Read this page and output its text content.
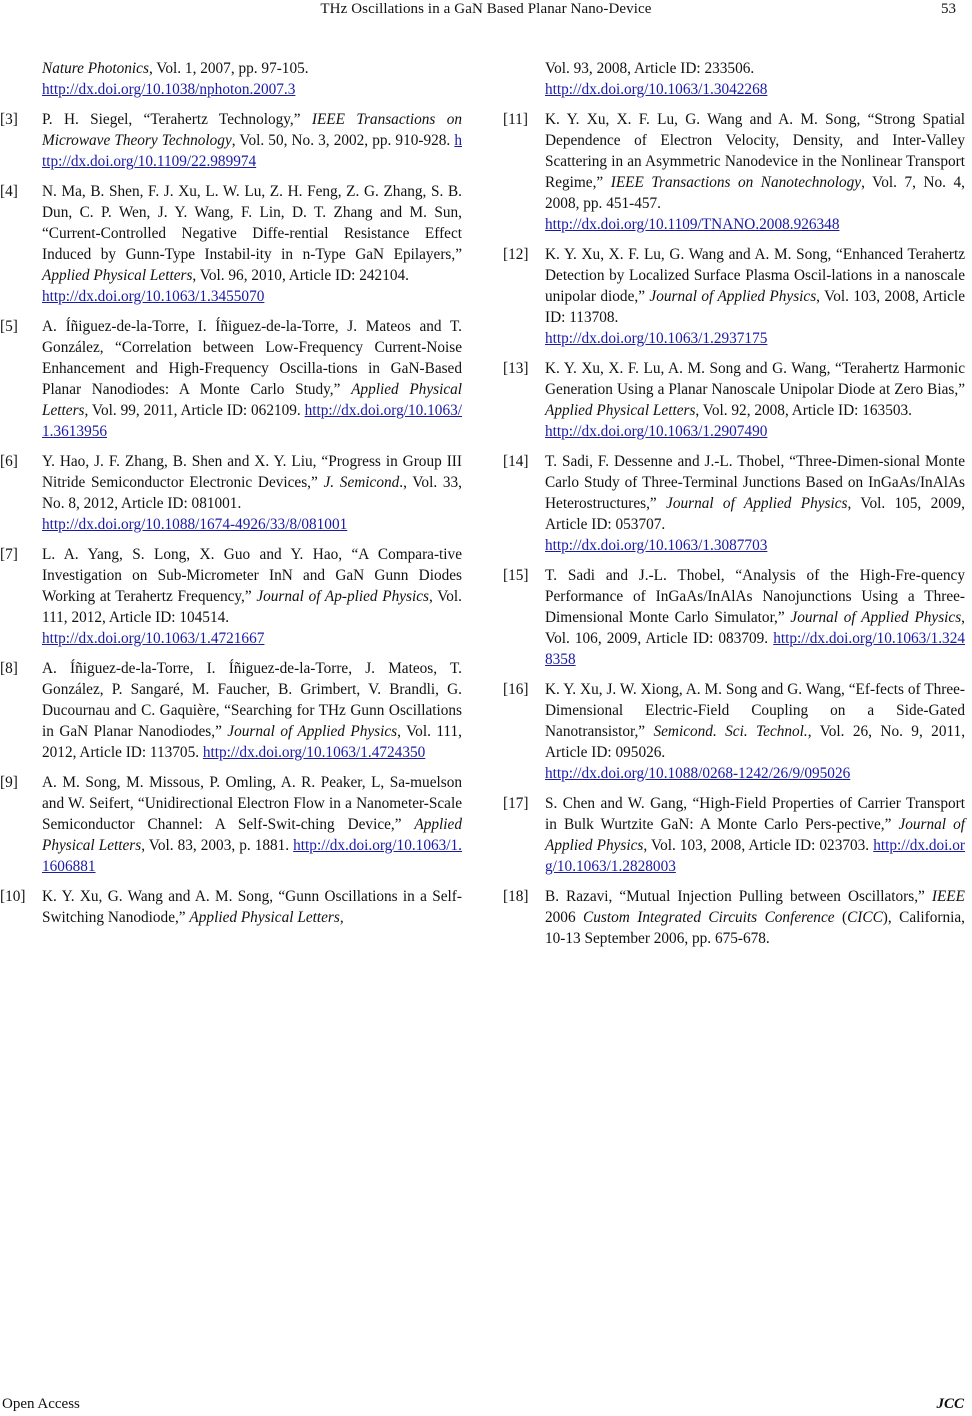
THz Oscillations in a GaN Based Planar Nano-Device	53
Nature Photonics, Vol. 1, 2007, pp. 97-105.
http://dx.doi.org/10.1038/nphoton.2007.3
[3] P. H. Siegel, “Terahertz Technology,” IEEE Transactions on Microwave Theory Technology, Vol. 50, No. 3, 2002, pp. 910-928. http://dx.doi.org/10.1109/22.989974
[4] N. Ma, B. Shen, F. J. Xu, L. W. Lu, Z. H. Feng, Z. G. Zhang, S. B. Dun, C. P. Wen, J. Y. Wang, F. Lin, D. T. Zhang and M. Sun, “Current-Controlled Negative Diffe-rential Resistance Effect Induced by Gunn-Type Instabil-ity in n-Type GaN Epilayers,” Applied Physical Letters, Vol. 96, 2010, Article ID: 242104.
http://dx.doi.org/10.1063/1.3455070
[5] A. Íñiguez-de-la-Torre, I. Íñiguez-de-la-Torre, J. Mateos and T. González, “Correlation between Low-Frequency Current-Noise Enhancement and High-Frequency Oscilla-tions in GaN-Based Planar Nanodiodes: A Monte Carlo Study,” Applied Physical Letters, Vol. 99, 2011, Article ID: 062109. http://dx.doi.org/10.1063/1.3613956
[6] Y. Hao, J. F. Zhang, B. Shen and X. Y. Liu, “Progress in Group III Nitride Semiconductor Electronic Devices,” J. Semicond., Vol. 33, No. 8, 2012, Article ID: 081001.
http://dx.doi.org/10.1088/1674-4926/33/8/081001
[7] L. A. Yang, S. Long, X. Guo and Y. Hao, “A Compara-tive Investigation on Sub-Micrometer InN and GaN Gunn Diodes Working at Terahertz Frequency,” Journal of Ap-plied Physics, Vol. 111, 2012, Article ID: 104514.
http://dx.doi.org/10.1063/1.4721667
[8] A. Íñiguez-de-la-Torre, I. Íñiguez-de-la-Torre, J. Mateos, T. González, P. Sangaré, M. Faucher, B. Grimbert, V. Brandli, G. Ducournau and C. Gaquière, “Searching for THz Gunn Oscillations in GaN Planar Nanodiodes,” Journal of Applied Physics, Vol. 111, 2012, Article ID: 113705. http://dx.doi.org/10.1063/1.4724350
[9] A. M. Song, M. Missous, P. Omling, A. R. Peaker, L, Sa-muelson and W. Seifert, “Unidirectional Electron Flow in a Nanometer-Scale Semiconductor Channel: A Self-Swit-ching Device,” Applied Physical Letters, Vol. 83, 2003, p. 1881. http://dx.doi.org/10.1063/1.1606881
[10] K. Y. Xu, G. Wang and A. M. Song, “Gunn Oscillations in a Self-Switching Nanodiode,” Applied Physical Letters,
Vol. 93, 2008, Article ID: 233506.
http://dx.doi.org/10.1063/1.3042268
[11] K. Y. Xu, X. F. Lu, G. Wang and A. M. Song, “Strong Spatial Dependence of Electron Velocity, Density, and Inter-Valley Scattering in an Asymmetric Nanodevice in the Nonlinear Transport Regime,” IEEE Transactions on Nanotechnology, Vol. 7, No. 4, 2008, pp. 451-457.
http://dx.doi.org/10.1109/TNANO.2008.926348
[12] K. Y. Xu, X. F. Lu, G. Wang and A. M. Song, “Enhanced Terahertz Detection by Localized Surface Plasma Oscil-lations in a nanoscale unipolar diode,” Journal of Applied Physics, Vol. 103, 2008, Article ID: 113708.
http://dx.doi.org/10.1063/1.2937175
[13] K. Y. Xu, X. F. Lu, A. M. Song and G. Wang, “Terahertz Harmonic Generation Using a Planar Nanoscale Unipolar Diode at Zero Bias,” Applied Physical Letters, Vol. 92, 2008, Article ID: 163503.
http://dx.doi.org/10.1063/1.2907490
[14] T. Sadi, F. Dessenne and J.-L. Thobel, “Three-Dimen-sional Monte Carlo Study of Three-Terminal Junctions Based on InGaAs/InAlAs Heterostructures,” Journal of Applied Physics, Vol. 105, 2009, Article ID: 053707.
http://dx.doi.org/10.1063/1.3087703
[15] T. Sadi and J.-L. Thobel, “Analysis of the High-Fre-quency Performance of InGaAs/InAlAs Nanojunctions Using a Three-Dimensional Monte Carlo Simulator,” Journal of Applied Physics, Vol. 106, 2009, Article ID: 083709. http://dx.doi.org/10.1063/1.3248358
[16] K. Y. Xu, J. W. Xiong, A. M. Song and G. Wang, “Ef-fects of Three-Dimensional Electric-Field Coupling on a Side-Gated Nanotransistor,” Semicond. Sci. Technol., Vol. 26, No. 9, 2011, Article ID: 095026.
http://dx.doi.org/10.1088/0268-1242/26/9/095026
[17] S. Chen and W. Gang, “High-Field Properties of Carrier Transport in Bulk Wurtzite GaN: A Monte Carlo Pers-pective,” Journal of Applied Physics, Vol. 103, 2008, Article ID: 023703. http://dx.doi.org/10.1063/1.2828003
[18] B. Razavi, “Mutual Injection Pulling between Oscillators,” IEEE 2006 Custom Integrated Circuits Conference (CICC), California, 10-13 September 2006, pp. 675-678.
Open Access	JCC
